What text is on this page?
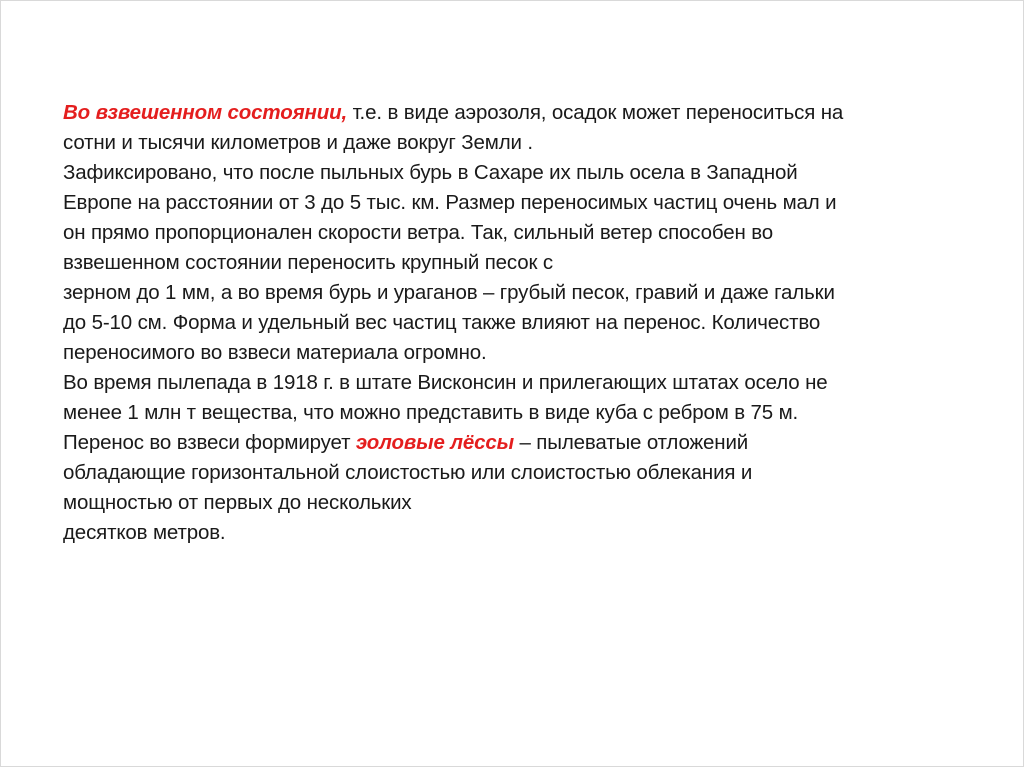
Во взвешенном состоянии, т.е. в виде аэрозоля, осадок может переноситься на
сотни и тысячи километров и даже вокруг Земли .
Зафиксировано, что после пыльных бурь в Сахаре их пыль осела в Западной
Европе на расстоянии от 3 до 5 тыс. км. Размер переносимых частиц очень мал и
он прямо пропорционален скорости ветра. Так, сильный ветер способен во
взвешенном состоянии переносить крупный песок с
зерном до 1 мм, а во время бурь и ураганов – грубый песок, гравий и даже гальки
до 5-10 см. Форма и удельный вес частиц также влияют на перенос. Количество
переносимого во взвеси материала огромно.
Во время пылепада в 1918 г. в штате Висконсин и прилегающих штатах осело не
менее 1 млн т вещества, что можно представить в виде куба с ребром в 75 м.
Перенос во взвеси формирует эоловые лёссы – пылеватые отложений
обладающие горизонтальной слоистостью или слоистостью облекания и
мощностью от первых до нескольких
десятков метров.
